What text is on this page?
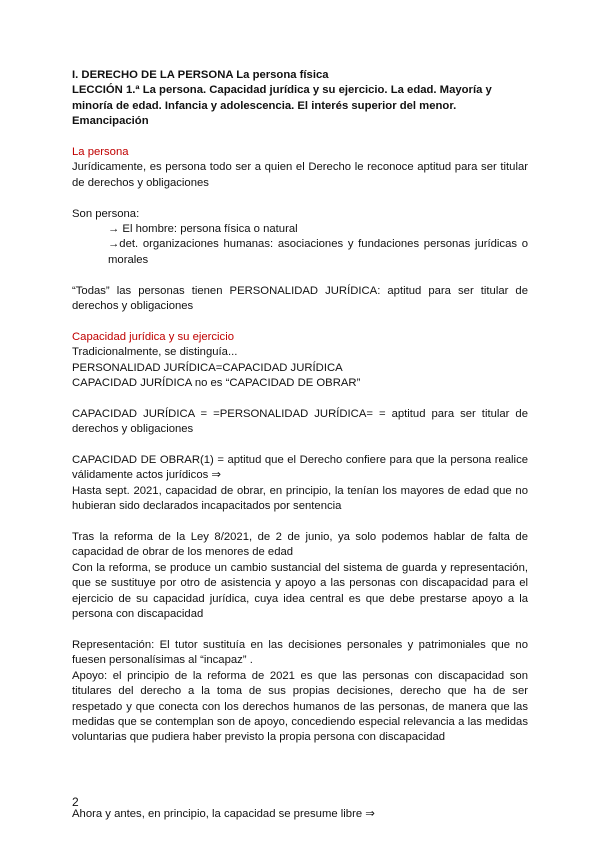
I. DERECHO DE LA PERSONA La persona física

LECCIÓN 1.ª La persona. Capacidad jurídica y su ejercicio. La edad. Mayoría y minoría de edad. Infancia y adolescencia. El interés superior del menor. Emancipación

La persona

Jurídicamente, es persona todo ser a quien el Derecho le reconoce aptitud para ser titular de derechos y obligaciones

Son persona:

→ El hombre: persona física o natural

→det. organizaciones humanas: asociaciones y fundaciones personas jurídicas o morales

“Todas” las personas tienen PERSONALIDAD JURÍDICA: aptitud para ser titular de derechos y obligaciones

Capacidad jurídica y su ejercicio

Tradicionalmente, se distinguía...

PERSONALIDAD JURÍDICA=CAPACIDAD JURÍDICA

CAPACIDAD JURÍDICA no es “CAPACIDAD DE OBRAR”

CAPACIDAD JURÍDICA = =PERSONALIDAD JURÍDICA= = aptitud para ser titular de derechos y obligaciones

CAPACIDAD DE OBRAR(1) = aptitud que el Derecho confiere para que la persona realice válidamente actos jurídicos ⇒

Hasta sept. 2021, capacidad de obrar, en principio, la tenían los mayores de edad que no hubieran sido declarados incapacitados por sentencia

Tras la reforma de la Ley 8/2021, de 2 de junio, ya solo podemos hablar de falta de capacidad de obrar de los menores de edad

Con la reforma, se produce un cambio sustancial del sistema de guarda y representación, que se sustituye por otro de asistencia y apoyo a las personas con discapacidad para el ejercicio de su capacidad jurídica, cuya idea central es que debe prestarse apoyo a la persona con discapacidad

Representación: El tutor sustituía en las decisiones personales y patrimoniales que no fuesen personalísimas al “incapaz” .

Apoyo: el principio de la reforma de 2021 es que las personas con discapacidad son titulares del derecho a la toma de sus propias decisiones, derecho que ha de ser respetado y que conecta con los derechos humanos de las personas, de manera que las medidas que se contemplan son de apoyo, concediendo especial relevancia a las medidas voluntarias que pudiera haber previsto la propia persona con discapacidad

Ahora y antes, en principio, la capacidad se presume libre ⇒

2
